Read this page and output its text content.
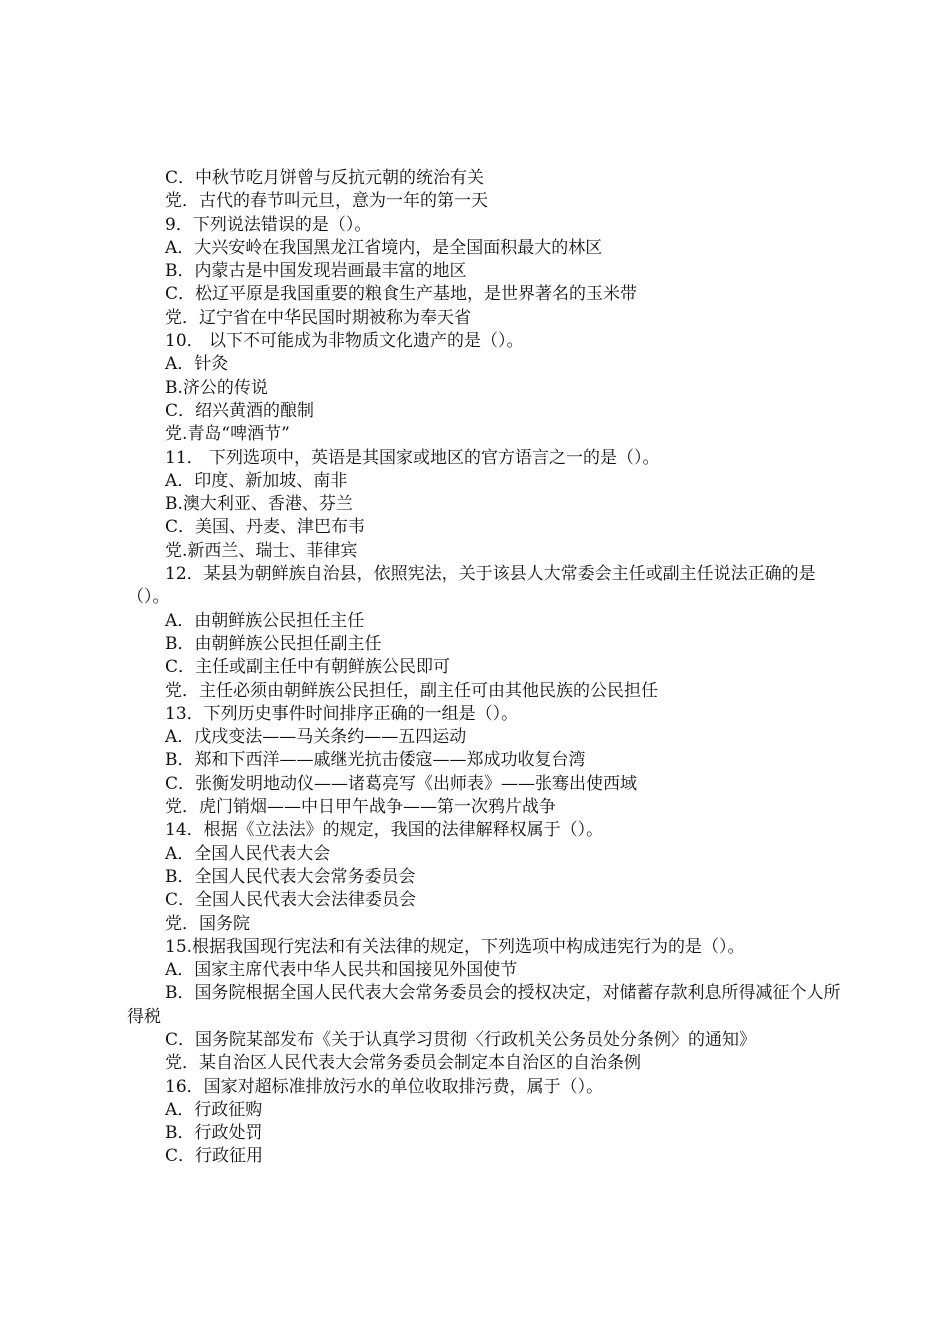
C．中秋节吃月饼曾与反抗元朝的统治有关
党．古代的春节叫元旦，意为一年的第一天
9．下列说法错误的是（）。
A．大兴安岭在我国黑龙江省境内，是全国面积最大的林区
B．内蒙古是中国发现岩画最丰富的地区
C．松辽平原是我国重要的粮食生产基地，是世界著名的玉米带
党．辽宁省在中华民国时期被称为奉天省
10． 以下不可能成为非物质文化遗产的是（）。
A．针灸
B.济公的传说
C．绍兴黄酒的酿制
党.青岛“啤酒节”
11． 下列选项中，英语是其国家或地区的官方语言之一的是（）。
A．印度、新加坡、南非
B.澳大利亚、香港、芬兰
C．美国、丹麦、津巴布韦
党.新西兰、瑞士、菲律宾
12．某县为朝鲜族自治县，依照宪法，关于该县人大常委会主任或副主任说法正确的是（）。
A．由朝鲜族公民担任主任
B．由朝鲜族公民担任副主任
C．主任或副主任中有朝鲜族公民即可
党．主任必须由朝鲜族公民担任，副主任可由其他民族的公民担任
13．下列历史事件时间排序正确的一组是（）。
A．戊戌变法——马关条约——五四运动
B．郑和下西洋——戚继光抗击倭寇——郑成功收复台湾
C．张衡发明地动仪——诸葛亮写《出师表》——张骞出使西域
党．虎门销烟——中日甲午战争——第一次鸦片战争
14．根据《立法法》的规定，我国的法律解释权属于（）。
A．全国人民代表大会
B．全国人民代表大会常务委员会
C．全国人民代表大会法律委员会
党．国务院
15.根据我国现行宪法和有关法律的规定，下列选项中构成违宪行为的是（）。
A．国家主席代表中华人民共和国接见外国使节
B．国务院根据全国人民代表大会常务委员会的授权决定，对储蓄存款利息所得减征个人所得税
C．国务院某部发布《关于认真学习贯彻〈行政机关公务员处分条例〉的通知》
党．某自治区人民代表大会常务委员会制定本自治区的自治条例
16．国家对超标准排放污水的单位收取排污费，属于（）。
A．行政征购
B．行政处罚
C．行政征用
